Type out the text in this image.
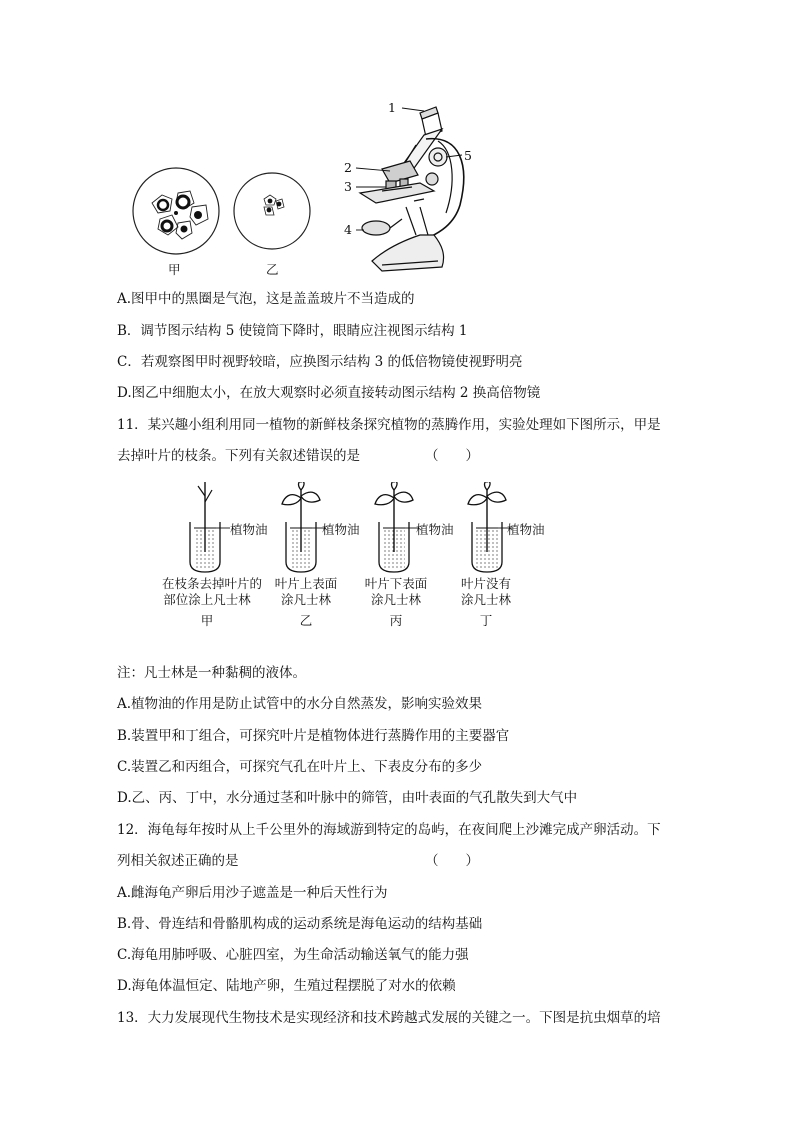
1
2
3
4
5
甲	乙
A.图甲中的黑圈是气泡，这是盖盖玻片不当造成的
B．调节图示结构 5 使镜筒下降时，眼睛应注视图示结构 1
C．若观察图甲时视野较暗，应换图示结构 3 的低倍物镜使视野明亮
D.图乙中细胞太小，在放大观察时必须直接转动图示结构 2 换高倍物镜
11．某兴趣小组利用同一植物的新鲜枝条探究植物的蒸腾作用，实验处理如下图所示，甲是
去掉叶片的枝条。下列有关叙述错误的是	（　　）
植物油	植物油	植物油	植物油
在枝条去掉叶片的
部位涂上凡士林
甲
叶片上表面
涂凡士林
乙
叶片下表面
涂凡士林
丙
叶片没有
涂凡士林
丁
注：凡士林是一种黏稠的液体。
A.植物油的作用是防止试管中的水分自然蒸发，影响实验效果
B.装置甲和丁组合，可探究叶片是植物体进行蒸腾作用的主要器官
C.装置乙和丙组合，可探究气孔在叶片上、下表皮分布的多少
D.乙、丙、丁中，水分通过茎和叶脉中的筛管，由叶表面的气孔散失到大气中
12．海龟每年按时从上千公里外的海域游到特定的岛屿，在夜间爬上沙滩完成产卵活动。下
列相关叙述正确的是	（　　）
A.雌海龟产卵后用沙子遮盖是一种后天性行为
B.骨、骨连结和骨骼肌构成的运动系统是海龟运动的结构基础
C.海龟用肺呼吸、心脏四室，为生命活动输送氧气的能力强
D.海龟体温恒定、陆地产卵，生殖过程摆脱了对水的依赖
13．大力发展现代生物技术是实现经济和技术跨越式发展的关键之一。下图是抗虫烟草的培
